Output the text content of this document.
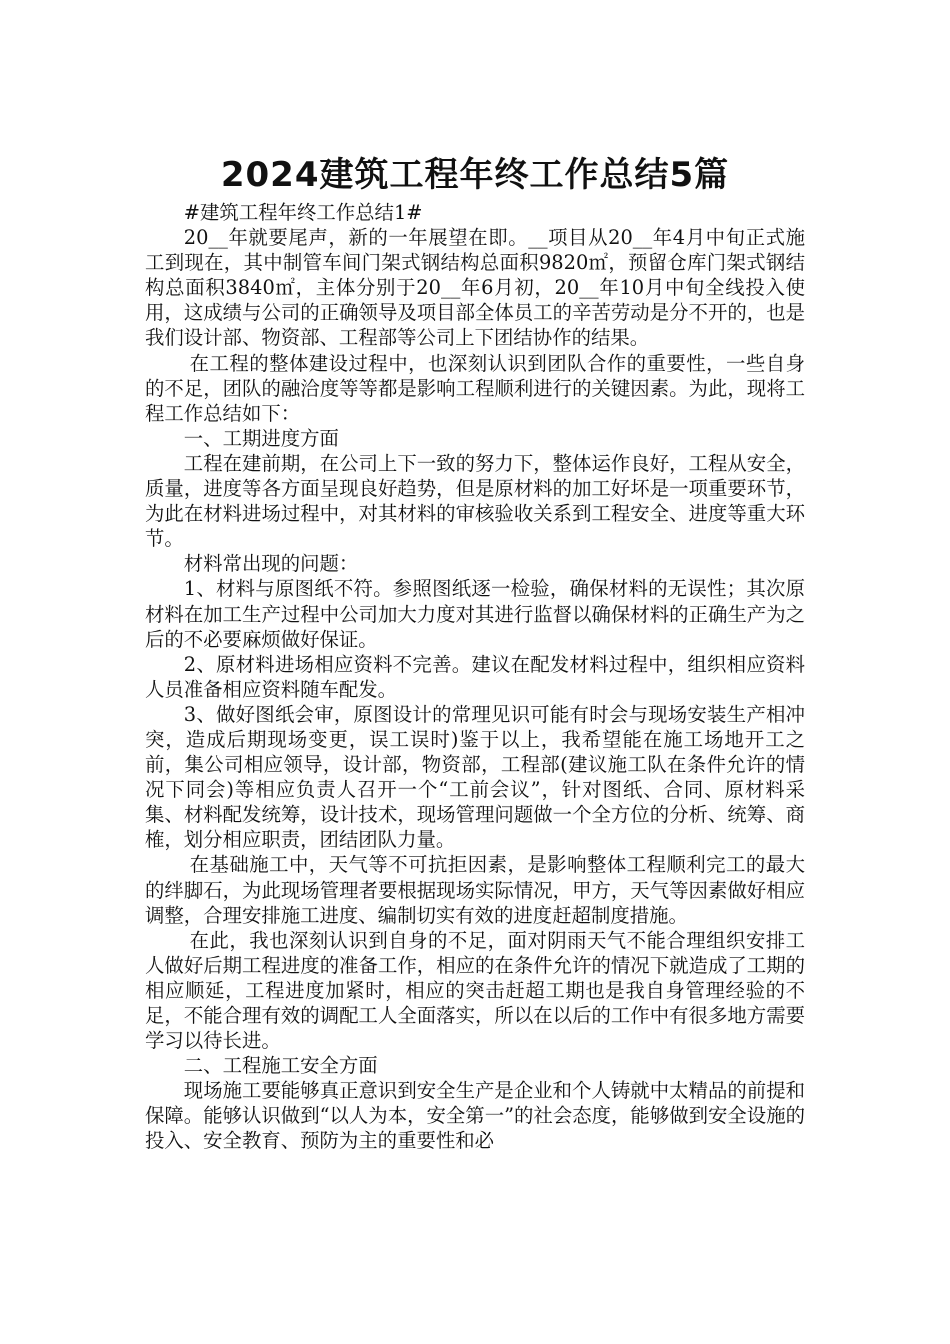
2024建筑工程年终工作总结5篇

#建筑工程年终工作总结1#

20__年就要尾声，新的一年展望在即。__项目从20__年4月中旬正式施工到现在，其中制管车间门架式钢结构总面积9820㎡，预留仓库门架式钢结构总面积3840㎡，主体分别于20__年6月初，20__年10月中旬全线投入使用，这成绩与公司的正确领导及项目部全体员工的辛苦劳动是分不开的，也是我们设计部、物资部、工程部等公司上下团结协作的结果。

在工程的整体建设过程中，也深刻认识到团队合作的重要性，一些自身的不足，团队的融洽度等等都是影响工程顺利进行的关键因素。为此，现将工程工作总结如下：

一、工期进度方面

工程在建前期，在公司上下一致的努力下，整体运作良好，工程从安全，质量，进度等各方面呈现良好趋势，但是原材料的加工好坏是一项重要环节，为此在材料进场过程中，对其材料的审核验收关系到工程安全、进度等重大环节。

材料常出现的问题：

1、材料与原图纸不符。参照图纸逐一检验，确保材料的无误性；其次原材料在加工生产过程中公司加大力度对其进行监督以确保材料的正确生产为之后的不必要麻烦做好保证。

2、原材料进场相应资料不完善。建议在配发材料过程中，组织相应资料人员准备相应资料随车配发。

3、做好图纸会审，原图设计的常理见识可能有时会与现场安装生产相冲突，造成后期现场变更，误工误时)鉴于以上，我希望能在施工场地开工之前，集公司相应领导，设计部，物资部，工程部(建议施工队在条件允许的情况下同会)等相应负责人召开一个“工前会议”，针对图纸、合同、原材料采集、材料配发统筹，设计技术，现场管理问题做一个全方位的分析、统筹、商榷，划分相应职责，团结团队力量。

在基础施工中，天气等不可抗拒因素，是影响整体工程顺利完工的最大的绊脚石，为此现场管理者要根据现场实际情况，甲方，天气等因素做好相应调整，合理安排施工进度、编制切实有效的进度赶超制度措施。

在此，我也深刻认识到自身的不足，面对阴雨天气不能合理组织安排工人做好后期工程进度的准备工作，相应的在条件允许的情况下就造成了工期的相应顺延，工程进度加紧时，相应的突击赶超工期也是我自身管理经验的不足，不能合理有效的调配工人全面落实，所以在以后的工作中有很多地方需要学习以待长进。

二、工程施工安全方面

现场施工要能够真正意识到安全生产是企业和个人铸就中太精品的前提和保障。能够认识做到“以人为本，安全第一”的社会态度，能够做到安全设施的投入、安全教育、预防为主的重要性和必
